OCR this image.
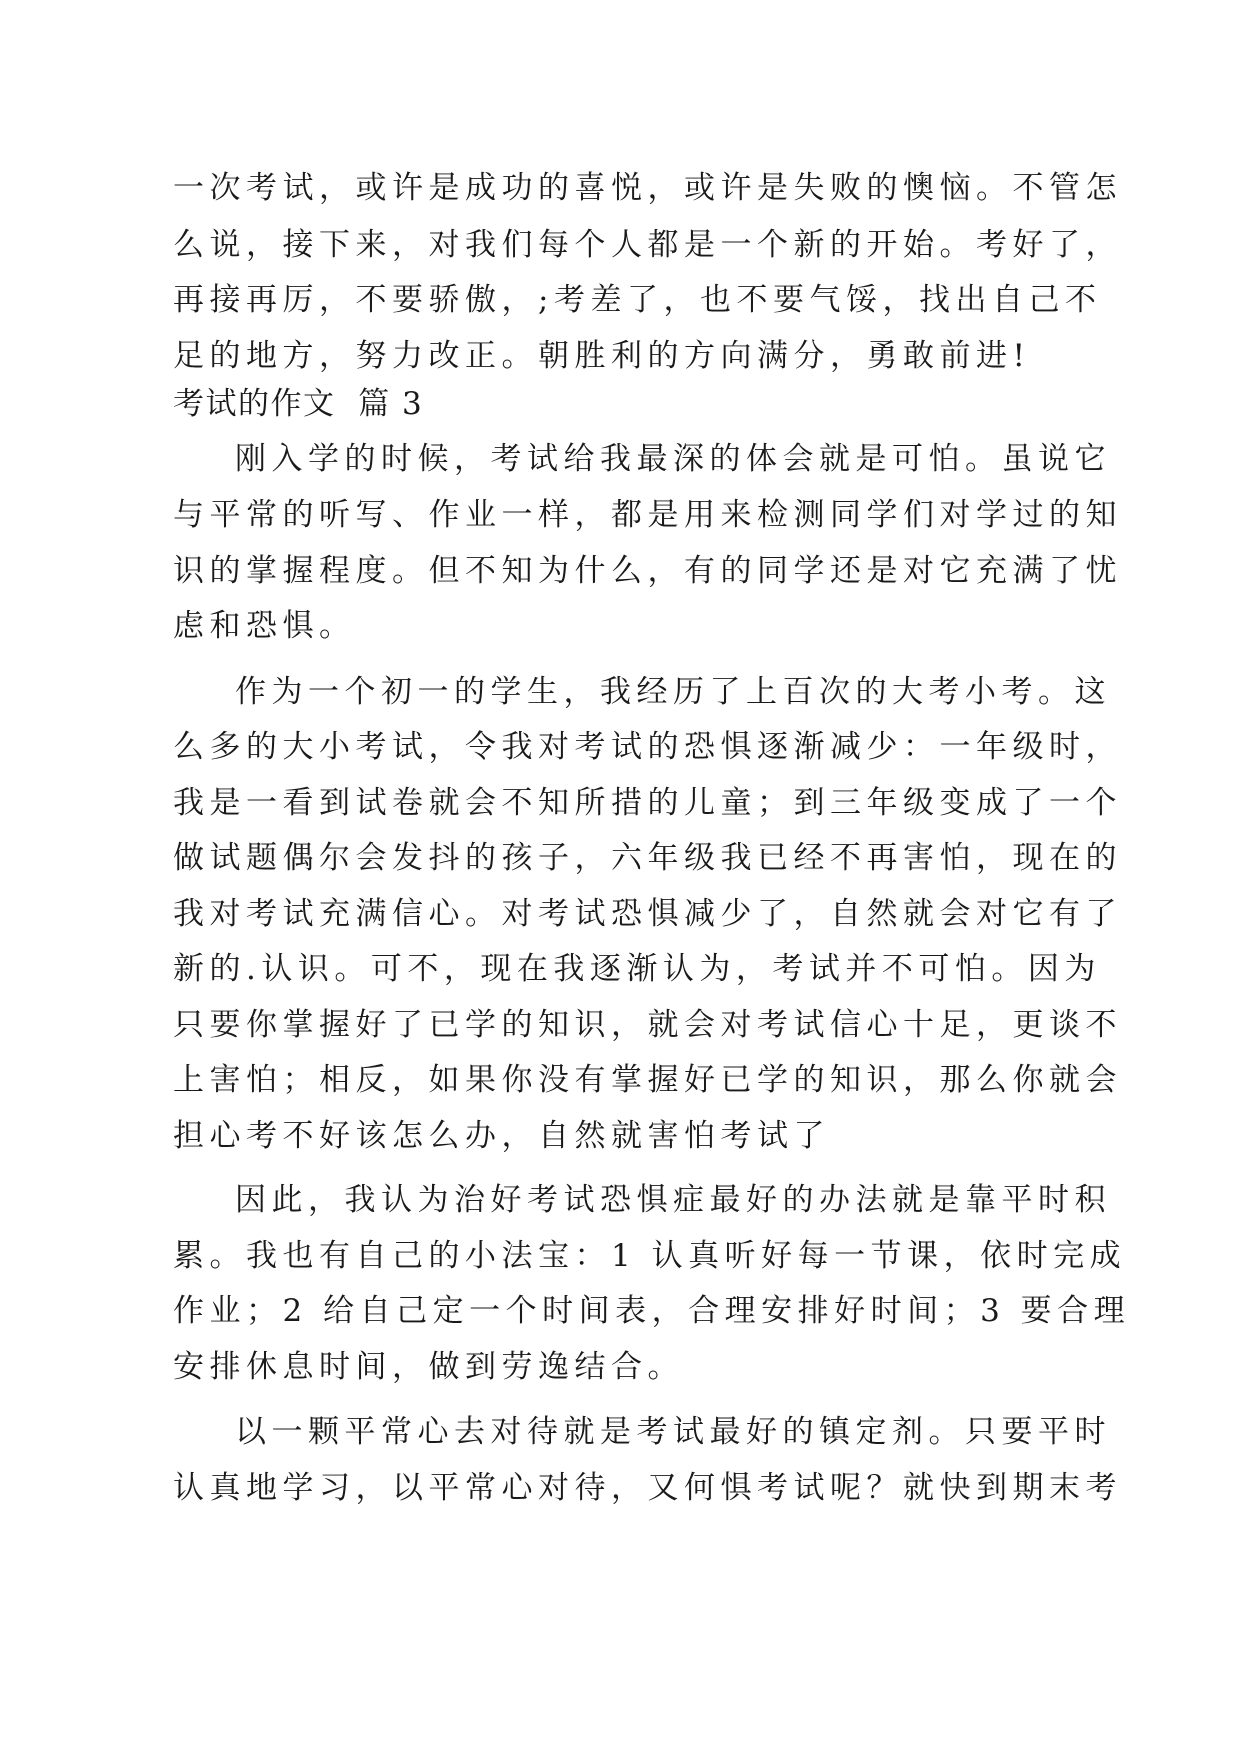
一次考试，或许是成功的喜悦，或许是失败的懊恼。不管怎
么说，接下来，对我们每个人都是一个新的开始。考好了，
再接再厉，不要骄傲，;考差了，也不要气馁，找出自己不
足的地方，努力改正。朝胜利的方向满分，勇敢前进!
考试的作文  篇 3
刚入学的时候，考试给我最深的体会就是可怕。虽说它
与平常的听写、作业一样，都是用来检测同学们对学过的知
识的掌握程度。但不知为什么，有的同学还是对它充满了忧
虑和恐惧。
作为一个初一的学生，我经历了上百次的大考小考。这
么多的大小考试，令我对考试的恐惧逐渐减少：一年级时，
我是一看到试卷就会不知所措的儿童；到三年级变成了一个
做试题偶尔会发抖的孩子，六年级我已经不再害怕，现在的
我对考试充满信心。对考试恐惧减少了，自然就会对它有了
新的.认识。可不，现在我逐渐认为，考试并不可怕。因为
只要你掌握好了已学的知识，就会对考试信心十足，更谈不
上害怕；相反，如果你没有掌握好已学的知识，那么你就会
担心考不好该怎么办，自然就害怕考试了
因此，我认为治好考试恐惧症最好的办法就是靠平时积
累。我也有自己的小法宝：1 认真听好每一节课，依时完成
作业；2 给自己定一个时间表，合理安排好时间；3 要合理
安排休息时间，做到劳逸结合。
以一颗平常心去对待就是考试最好的镇定剂。只要平时
认真地学习，以平常心对待，又何惧考试呢？就快到期末考
